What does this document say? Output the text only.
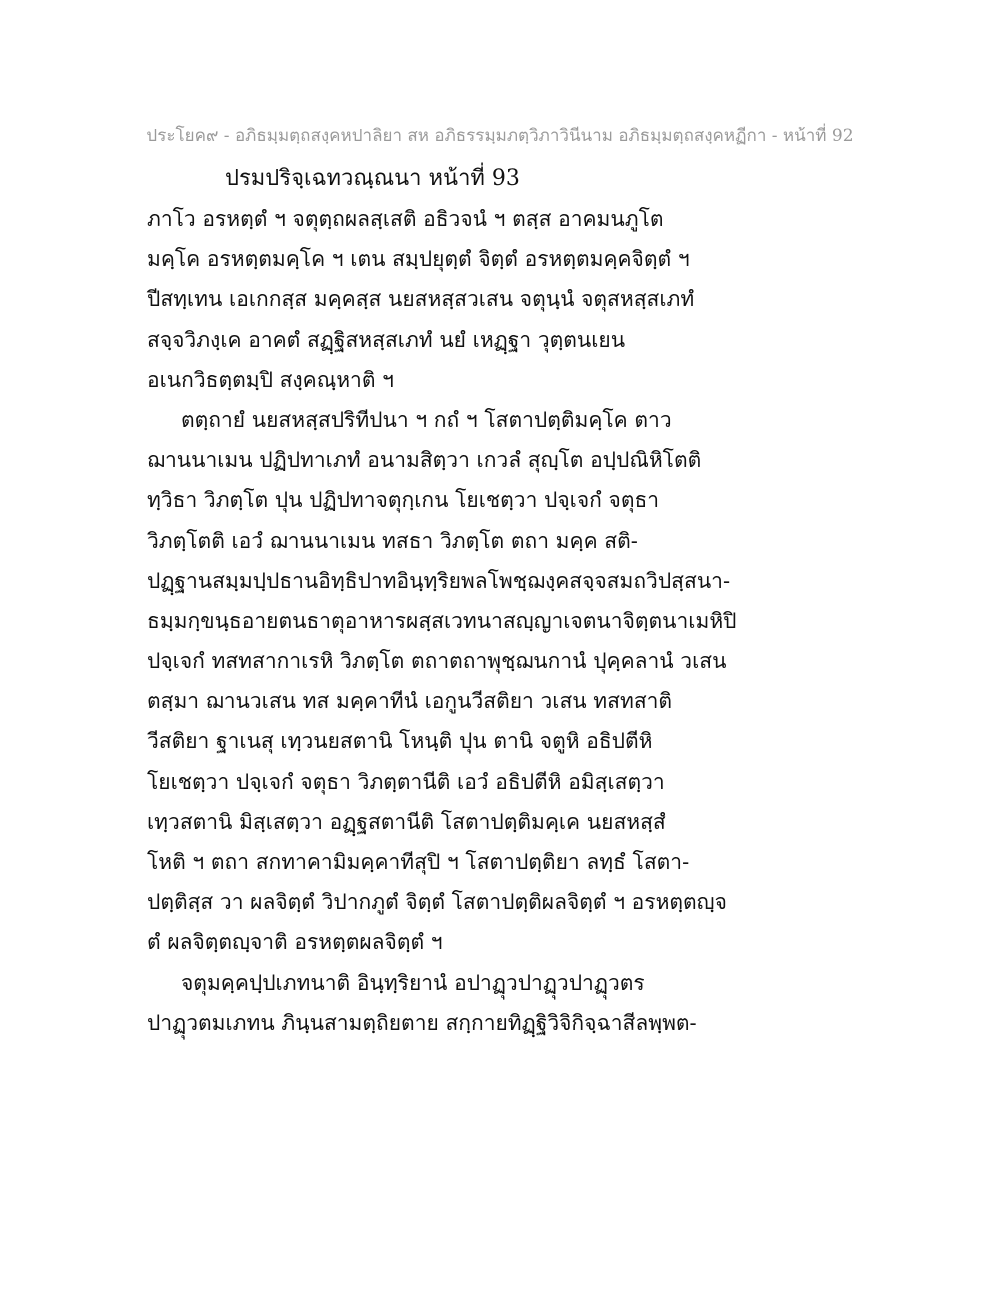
ประโยค๙ - อภิธมฺมตฺถสงฺคหปาลิยา สห อภิธรรมฺมภตฺวิภาวินีนาม อภิธมฺมตฺถสงฺคหฏีกา - หน้าที่ 92
ปรมปริจฺเฉทวณฺณนา หน้าที่ 93
ภาโว อรหตฺตํ ฯ จตุตฺถผลสฺเสติ อธิวจนํ ฯ ตสฺส อาคมนภูโต
มคฺโค อรหตฺตมคฺโค ฯ เตน สมฺปยุตฺตํ จิตฺตํ อรหตฺตมคฺคจิตฺตํ ฯ
ปีสทฺเทน เอเกกสฺส มคฺคสฺส นยสหสฺสวเสน จตุนฺนํ จตุสหสฺสเภทํ
สจฺจวิภงฺเค อาคตํ สฏฺฐิสหสฺสเภทํ นยํ เหฏฺฐา วุตฺตนเยน
อเนกวิธตฺตมฺปิ สงฺคณฺหาติ ฯ
ตตฺถายํ นยสหสฺสปริทีปนา ฯ กถํ ฯ โสตาปตฺติมคฺโค ตาว
ฌานนาเมน ปฏิปทาเภทํ อนามสิตฺวา เกวลํ สุญฺโต อปฺปณิหิโตติ
ทฺวิธา วิภตฺโต ปุน ปฏิปทาจตุกฺเกน โยเชตฺวา ปจฺเจกํ จตุธา
วิภตฺโตติ เอวํ ฌานนาเมน ทสธา วิภตฺโต ตถา มคฺค สติ-
ปฏฺฐานสมฺมปฺปธานอิทฺธิปาทอินฺทฺริยพลโพชฺฌงฺคสจฺจสมถวิปสฺสนา-
ธมฺมกฺขนฺธอายตนธาตุอาหารผสฺสเวทนาสญฺญาเจตนาจิตฺตนาเมหิปิ
ปจฺเจกํ ทสทสากาเรหิ วิภตฺโต ตถาตถาพุชฺฌนกานํ ปุคฺคลานํ วเสน
ตสฺมา ฌานวเสน ทส มคฺคาทีนํ เอกูนวีสติยา วเสน ทสทสาติ
วีสติยา ฐาเนสุ เทฺวนยสตานิ โหนฺติ ปุน ตานิ จตูหิ อธิปตีหิ
โยเชตฺวา ปจฺเจกํ จตุธา วิภตฺตานีติ เอวํ อธิปตีหิ อมิสฺเสตฺวา
เทฺวสตานิ มิสฺเสตฺวา อฏฺฐสตานีติ โสตาปตฺติมคฺเค นยสหสฺสํ
โหติ ฯ ตถา สกทาคามิมคฺคาทีสุปิ ฯ โสตาปตฺติยา ลทฺธํ โสตา-
ปตฺติสฺส วา ผลจิตฺตํ วิปากภูตํ จิตฺตํ โสตาปตฺติผลจิตฺตํ ฯ อรหตฺตญฺจ
ตํ ผลจิตฺตญฺจาติ อรหตฺตผลจิตฺตํ ฯ
จตุมคฺคปฺปเภทนาติ อินฺทฺริยานํ อปาฏุวปาฏุวปาฏุวตร
ปาฏุวตมเภทน ภินฺนสามตฺถิยตาย สกฺกายทิฏฺฐิวิจิกิจฺฉาสีลพฺพต-
